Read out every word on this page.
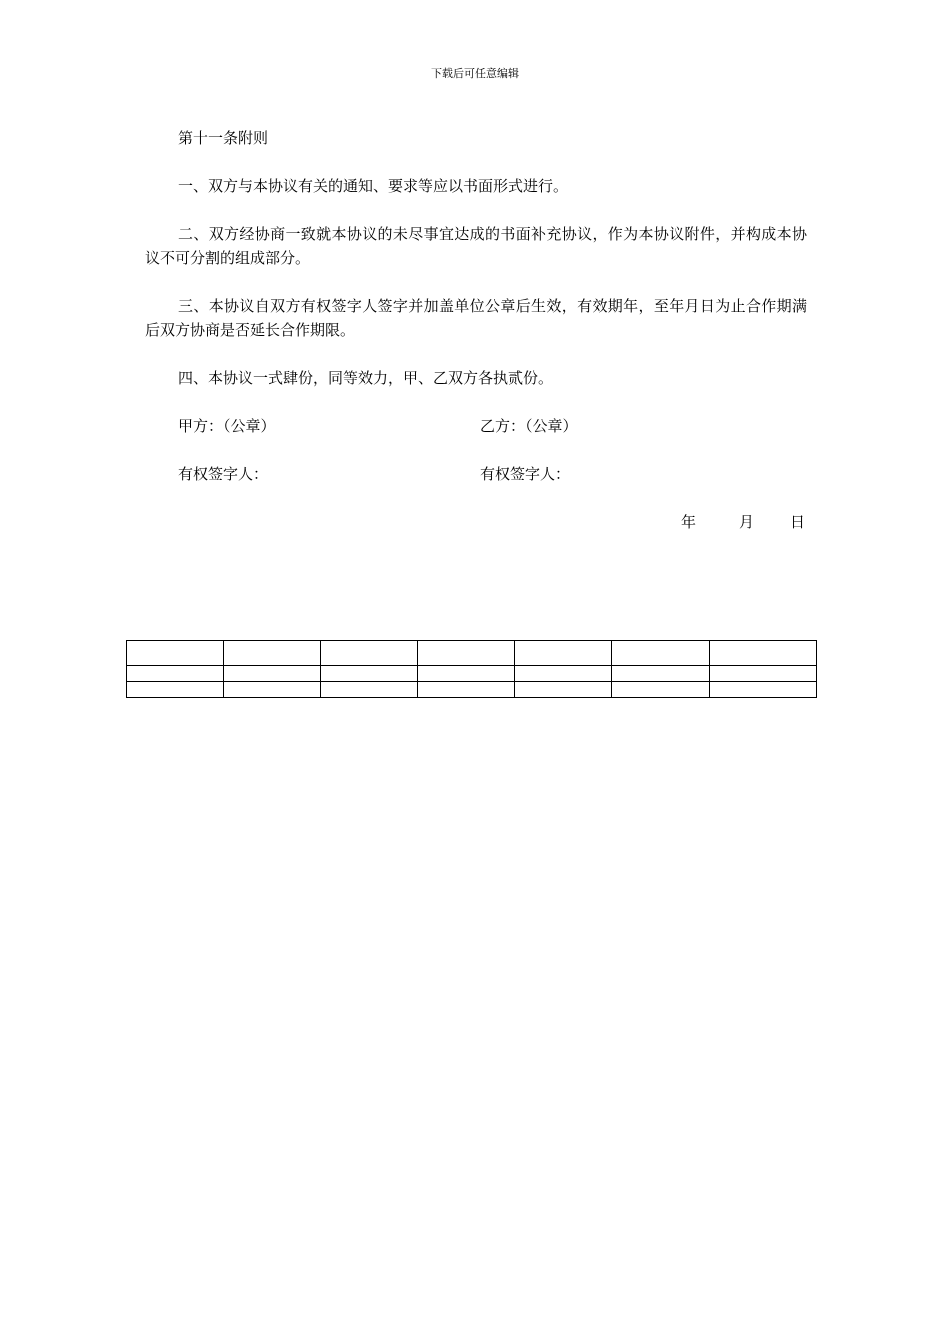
下载后可任意编辑

第十一条附则

一、双方与本协议有关的通知、要求等应以书面形式进行。

二、双方经协商一致就本协议的未尽事宜达成的书面补充协议，作为本协议附件，并构成本协议不可分割的组成部分。

三、本协议自双方有权签字人签字并加盖单位公章后生效，有效期年，至年月日为止合作期满后双方协商是否延长合作期限。

四、本协议一式肆份，同等效力，甲、乙双方各执贰份。

甲方：（公章）	乙方：（公章）
有权签字人：	有权签字人：
年	月 日
